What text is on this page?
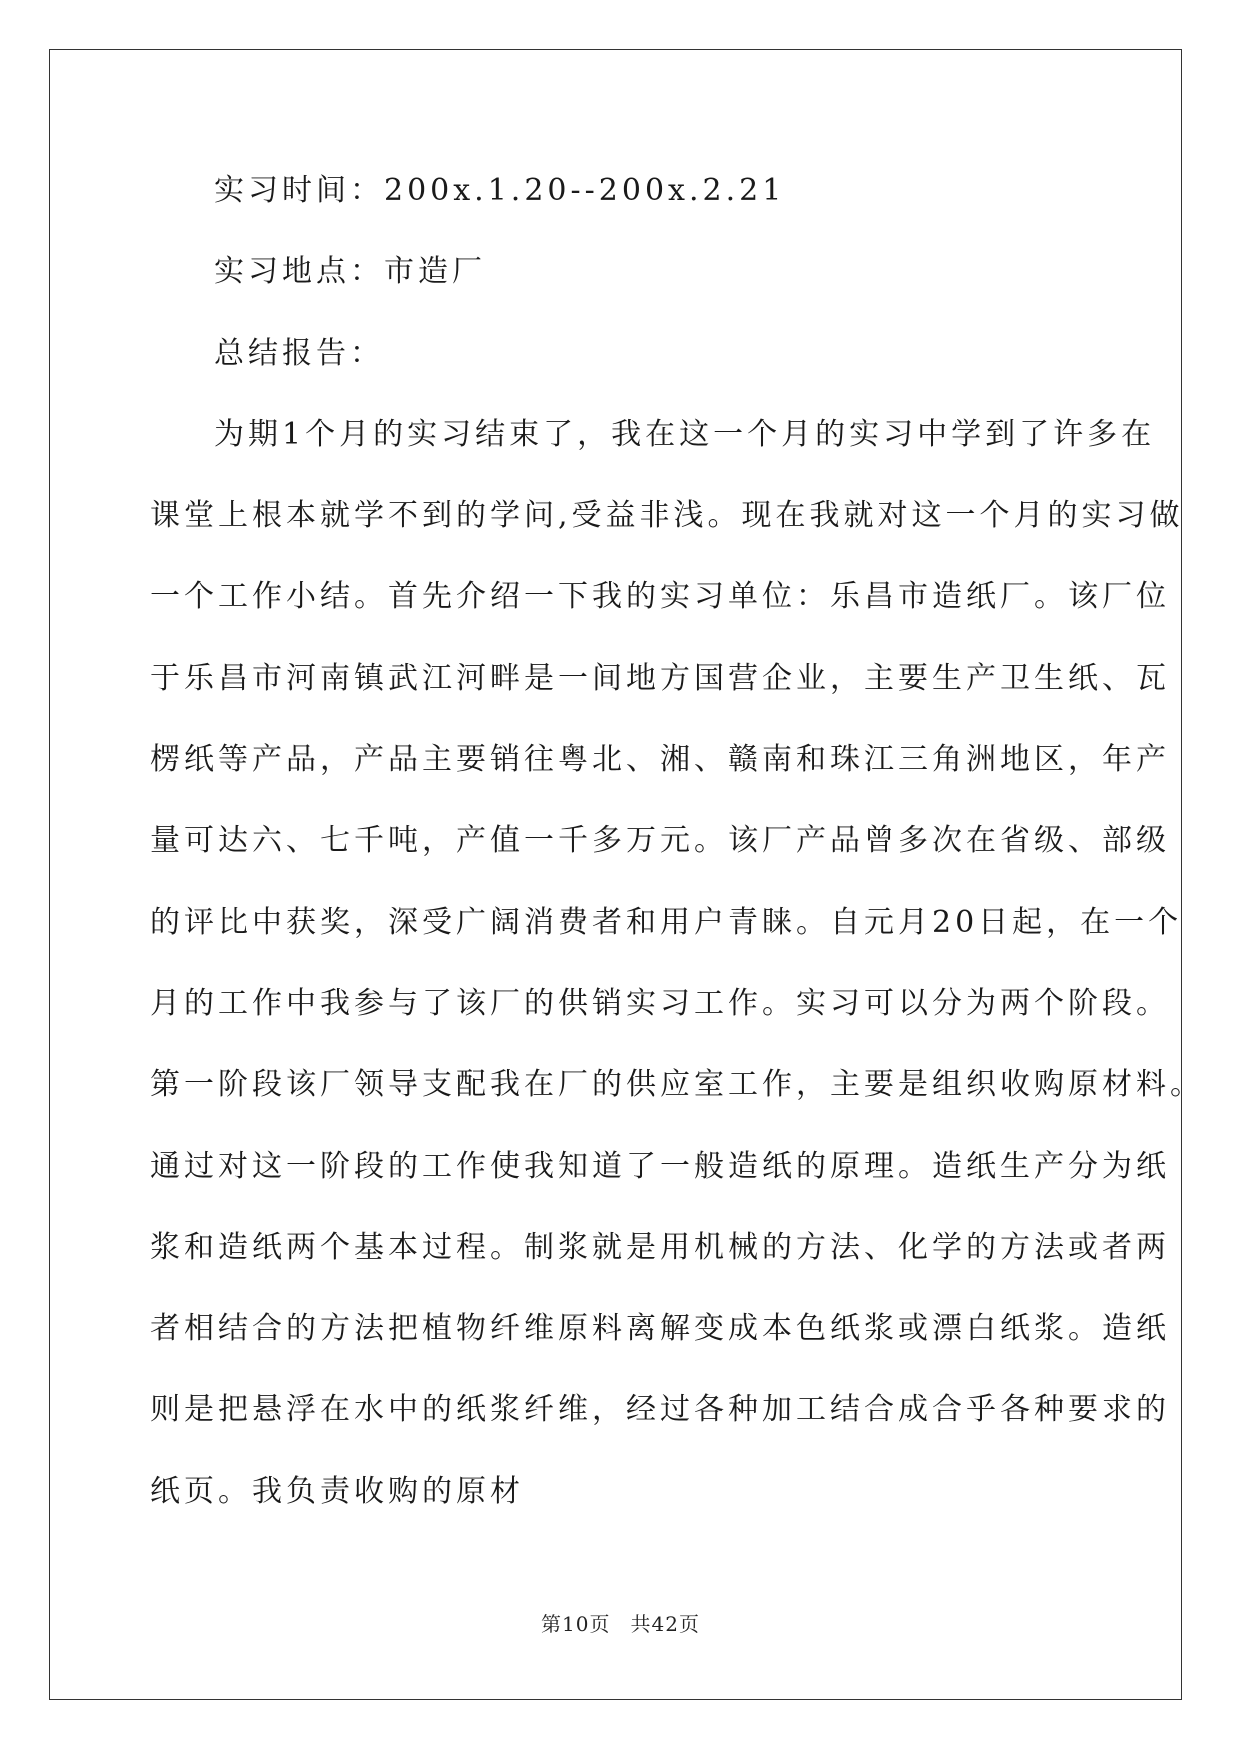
实习时间：200x.1.20--200x.2.21
实习地点：市造厂
总结报告：
为期1个月的实习结束了，我在这一个月的实习中学到了许多在
课堂上根本就学不到的学问,受益非浅。现在我就对这一个月的实习做
一个工作小结。首先介绍一下我的实习单位：乐昌市造纸厂。该厂位
于乐昌市河南镇武江河畔是一间地方国营企业，主要生产卫生纸、瓦
楞纸等产品，产品主要销往粤北、湘、赣南和珠江三角洲地区，年产
量可达六、七千吨，产值一千多万元。该厂产品曾多次在省级、部级
的评比中获奖，深受广阔消费者和用户青睐。自元月20日起，在一个
月的工作中我参与了该厂的供销实习工作。实习可以分为两个阶段。
第一阶段该厂领导支配我在厂的供应室工作，主要是组织收购原材料。
通过对这一阶段的工作使我知道了一般造纸的原理。造纸生产分为纸
浆和造纸两个基本过程。制浆就是用机械的方法、化学的方法或者两
者相结合的方法把植物纤维原料离解变成本色纸浆或漂白纸浆。造纸
则是把悬浮在水中的纸浆纤维，经过各种加工结合成合乎各种要求的
纸页。我负责收购的原材
第10页 共42页
